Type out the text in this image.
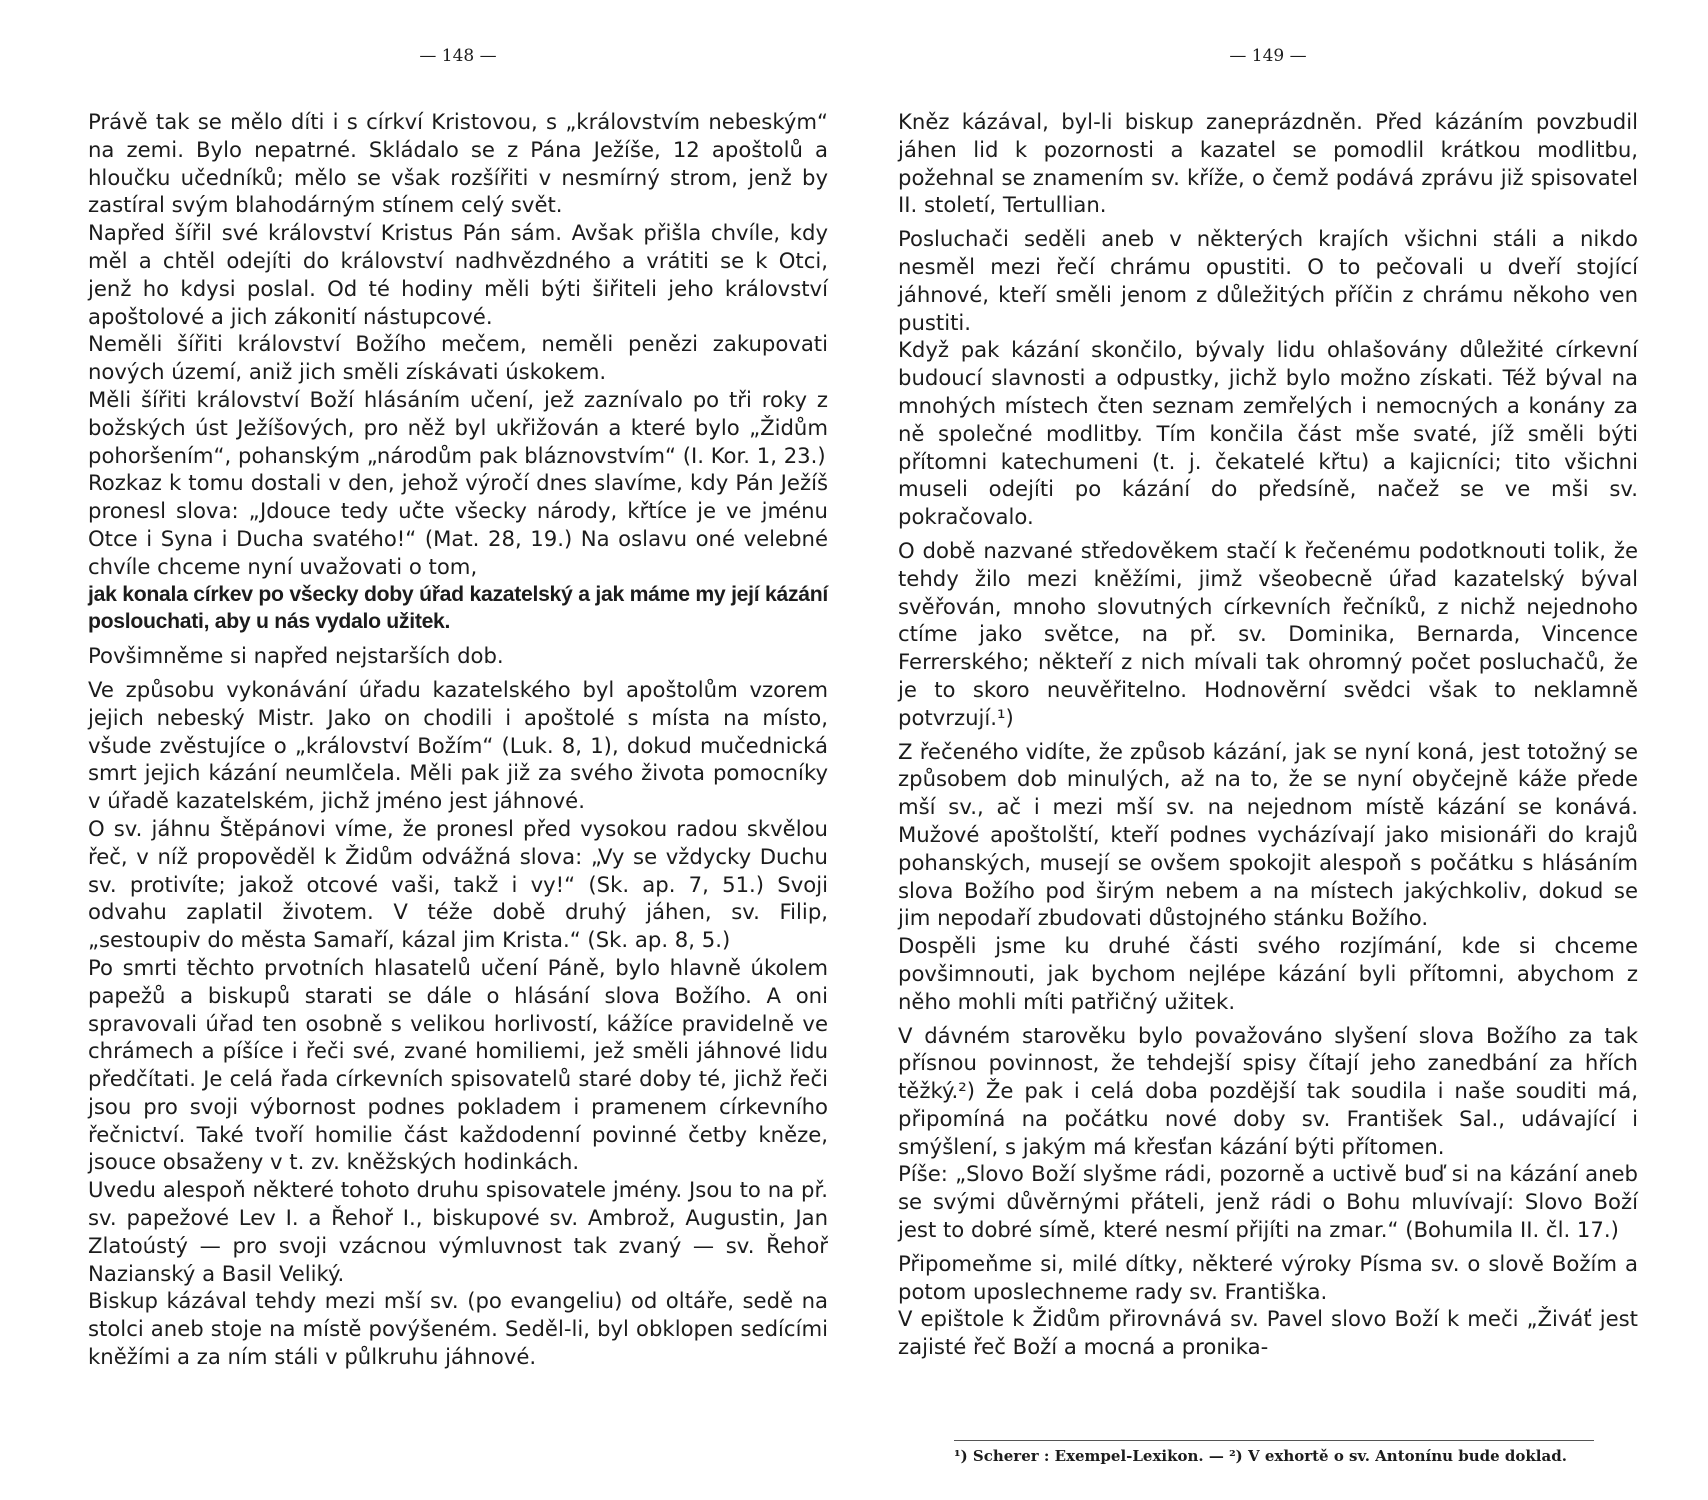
— 148 —

Právě tak se mělo díti i s církví Kristovou, s „královstvím nebeským“ na zemi. Bylo nepatrné. Skládalo se z Pána Ježíše, 12 apoštolů a hloučku učedníků; mělo se však rozšířiti v nesmírný strom, jenž by zastíral svým blahodárným stínem celý svět.

Napřed šířil své království Kristus Pán sám. Avšak přišla chvíle, kdy měl a chtěl odejíti do království nadhvězdného a vrátiti se k Otci, jenž ho kdysi poslal. Od té hodiny měli býti šiřiteli jeho království apoštolové a jich zákonití nástupcové.

Neměli šířiti království Božího mečem, neměli penězi zakupovati nových území, aniž jich směli získávati úskokem.

Měli šířiti království Boží hlásáním učení, jež zaznívalo po tři roky z božských úst Ježíšových, pro něž byl ukřižován a které bylo „Židům pohoršením“, pohanským „národům pak bláznovstvím“ (I. Kor. 1, 23.)

Rozkaz k tomu dostali v den, jehož výročí dnes slavíme, kdy Pán Ježíš pronesl slova: „Jdouce tedy učte všecky národy, křtíce je ve jménu Otce i Syna i Ducha svatého!“ (Mat. 28, 19.) Na oslavu oné velebné chvíle chceme nyní uvažovati o tom,

jak konala církev po všecky doby úřad kazatelský a jak máme my její kázání poslouchati, aby u nás vydalo užitek.

Povšimněme si napřed nejstarších dob.

Ve způsobu vykonávání úřadu kazatelského byl apoštolům vzorem jejich nebeský Mistr. Jako on chodili i apoštolé s místa na místo, všude zvěstujíce o „království Božím“ (Luk. 8, 1), dokud mučednická smrt jejich kázání neumlčela. Měli pak již za svého života pomocníky v úřadě kazatelském, jichž jméno jest jáhnové.

O sv. jáhnu Štěpánovi víme, že pronesl před vysokou radou skvělou řeč, v níž propověděl k Židům odvážná slova: „Vy se vždycky Duchu sv. protivíte; jakož otcové vaši, takž i vy!“ (Sk. ap. 7, 51.) Svoji odvahu zaplatil životem. V téže době druhý jáhen, sv. Filip, „sestoupiv do města Samaří, kázal jim Krista.“ (Sk. ap. 8, 5.)

Po smrti těchto prvotních hlasatelů učení Páně, bylo hlavně úkolem papežů a biskupů starati se dále o hlásání slova Božího. A oni spravovali úřad ten osobně s velikou horlivostí, kážíce pravidelně ve chrámech a píšíce i řeči své, zvané homiliemi, jež směli jáhnové lidu předčítati. Je celá řada církevních spisovatelů staré doby té, jichž řeči jsou pro svoji výbornost podnes pokladem i pramenem církevního řečnictví. Také tvoří homilie část každodenní povinné četby kněze, jsouce obsaženy v t. zv. kněžských hodinkách.

Uvedu alespoň některé tohoto druhu spisovatele jmény. Jsou to na př. sv. papežové Lev I. a Řehoř I., biskupové sv. Ambrož, Augustin, Jan Zlatoústý — pro svoji vzácnou výmluvnost tak zvaný — sv. Řehoř Nazianský a Basil Veliký.

Biskup kázával tehdy mezi mší sv. (po evangeliu) od oltáře, sedě na stolci aneb stoje na místě povýšeném. Seděl-li, byl obklopen sedícími kněžími a za ním stáli v půlkruhu jáhnové.

— 149 —

Kněz kázával, byl-li biskup zaneprázdněn. Před kázáním povzbudil jáhen lid k pozornosti a kazatel se pomodlil krátkou modlitbu, požehnal se znamením sv. kříže, o čemž podává zprávu již spisovatel II. století, Tertullian.

Posluchači seděli aneb v některých krajích všichni stáli a nikdo nesměl mezi řečí chrámu opustiti. O to pečovali u dveří stojící jáhnové, kteří směli jenom z důležitých příčin z chrámu někoho ven pustiti.

Když pak kázání skončilo, bývaly lidu ohlašovány důležité církevní budoucí slavnosti a odpustky, jichž bylo možno získati. Též býval na mnohých místech čten seznam zemřelých i nemocných a konány za ně společné modlitby. Tím končila část mše svaté, jíž směli býti přítomni katechumeni (t. j. čekatelé křtu) a kajicníci; tito všichni museli odejíti po kázání do předsíně, načež se ve mši sv. pokračovalo.

O době nazvané středověkem stačí k řečenému podotknouti tolik, že tehdy žilo mezi kněžími, jimž všeobecně úřad kazatelský býval svěřován, mnoho slovutných církevních řečníků, z nichž nejednoho ctíme jako světce, na př. sv. Dominika, Bernarda, Vincence Ferrerského; někteří z nich mívali tak ohromný počet posluchačů, že je to skoro neuvěřitelno. Hodnověrní svědci však to neklamně potvrzují.¹)

Z řečeného vidíte, že způsob kázání, jak se nyní koná, jest totožný se způsobem dob minulých, až na to, že se nyní obyčejně káže přede mší sv., ač i mezi mší sv. na nejednom místě kázání se konává. Mužové apoštolští, kteří podnes vycházívají jako misionáři do krajů pohanských, musejí se ovšem spokojit alespoň s počátku s hlásáním slova Božího pod širým nebem a na místech jakýchkoliv, dokud se jim nepodaří zbudovati důstojného stánku Božího.

Dospěli jsme ku druhé části svého rozjímání, kde si chceme povšimnouti, jak bychom nejlépe kázání byli přítomni, abychom z něho mohli míti patřičný užitek.

V dávném starověku bylo považováno slyšení slova Božího za tak přísnou povinnost, že tehdejší spisy čítají jeho zanedbání za hřích těžký.²) Že pak i celá doba pozdější tak soudila i naše souditi má, připomíná na počátku nové doby sv. František Sal., udávající i smýšlení, s jakým má křesťan kázání býti přítomen.

Píše: „Slovo Boží slyšme rádi, pozorně a uctivě buď si na kázání aneb se svými důvěrnými přáteli, jenž rádi o Bohu mluvívají: Slovo Boží jest to dobré símě, které nesmí přijíti na zmar.“ (Bohumila II. čl. 17.)

Připomeňme si, milé dítky, některé výroky Písma sv. o slově Božím a potom uposlechneme rady sv. Františka.

V epištole k Židům přirovnává sv. Pavel slovo Boží k meči „Živáť jest zajisté řeč Boží a mocná a pronika-

¹) Scherer : Exempel-Lexikon. — ²) V exhortě o sv. Antonínu bude doklad.
